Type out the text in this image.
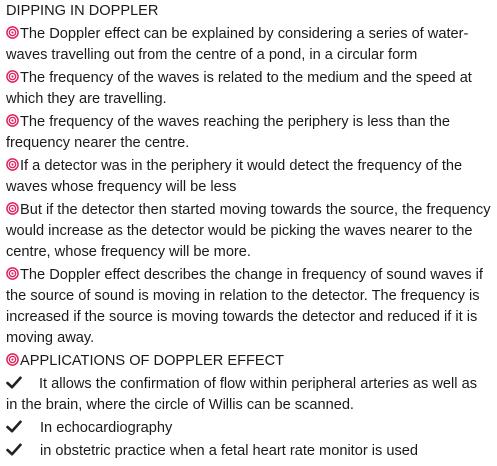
DIPPING IN DOPPLER
The Doppler effect can be explained by considering a series of water-waves travelling out from the centre of a pond, in a circular form
The frequency of the waves is related to the medium and the speed at which they are travelling.
The frequency of the waves reaching the periphery is less than the frequency nearer the centre.
If a detector was in the periphery it would detect the frequency of the waves whose frequency will be less
But if the detector then started moving towards the source, the frequency would increase as the detector would be picking the waves nearer to the centre, whose frequency will be more.
The Doppler effect describes the change in frequency of sound waves if the source of sound is moving in relation to the detector. The frequency is increased if the source is moving towards the detector and reduced if it is moving away.
APPLICATIONS OF DOPPLER EFFECT
It allows the confirmation of flow within peripheral arteries as well as in the brain, where the circle of Willis can be scanned.
In echocardiography
in obstetric practice when a fetal heart rate monitor is used
